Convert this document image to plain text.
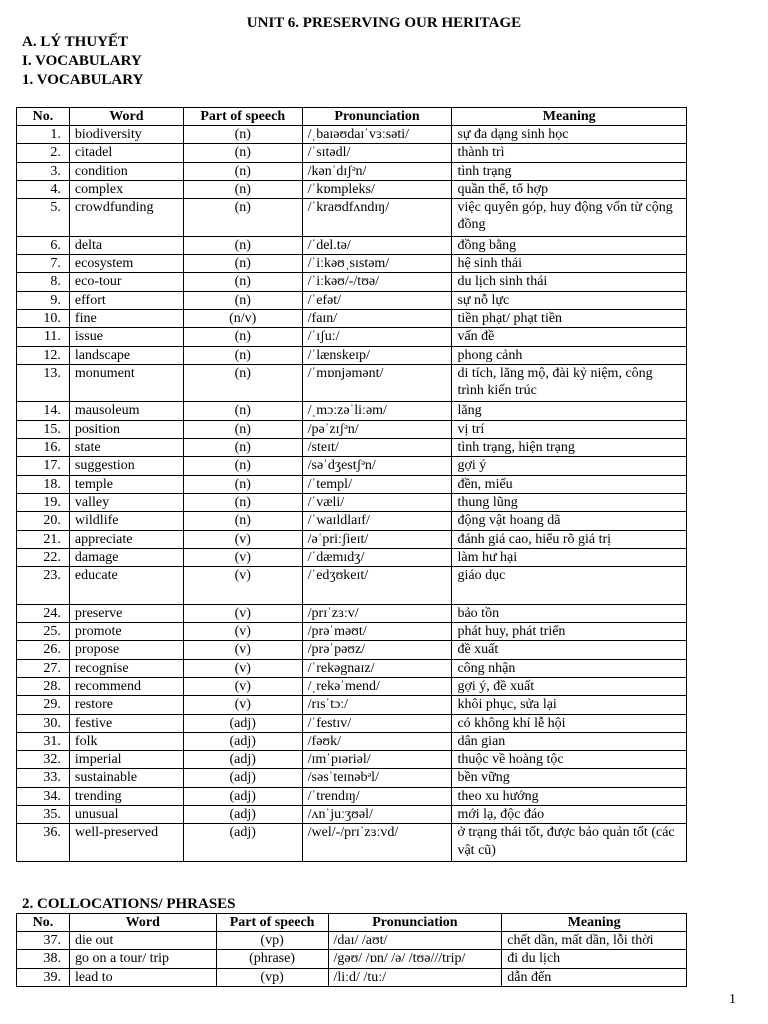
UNIT 6. PRESERVING OUR HERITAGE
A. LÝ THUYẾT
I. VOCABULARY
1. VOCABULARY
No.	Word	Part of speech	Pronunciation	Meaning
1.	biodiversity	(n)	/ˌbaɪəʊdaɪˈvɜːsəti/	sự đa dạng sinh học
2.	citadel	(n)	/ˈsɪtədl/	thành trì
3.	condition	(n)	/kənˈdɪʃᵊn/	tình trạng
4.	complex	(n)	/ˈkɒmpleks/	quần thể, tổ hợp
5.	crowdfunding	(n)	/ˈkraʊdfʌndɪŋ/	việc quyên góp, huy động vốn từ cộng đồng
6.	delta	(n)	/ˈdel.tə/	đồng bằng
7.	ecosystem	(n)	/ˈiːkəʊˌsɪstəm/	hệ sinh thái
8.	eco-tour	(n)	/ˈiːkəʊ/-/tʊə/	du lịch sinh thái
9.	effort	(n)	/ˈefət/	sự nỗ lực
10.	fine	(n/v)	/faɪn/	tiền phạt/ phạt tiền
11.	issue	(n)	/ˈɪʃuː/	vấn đề
12.	landscape	(n)	/ˈlænskeɪp/	phong cảnh
13.	monument	(n)	/ˈmɒnjəmənt/	di tích, lăng mộ, đài kỷ niệm, công trình kiến trúc
14.	mausoleum	(n)	/ˌmɔːzəˈliːəm/	lăng
15.	position	(n)	/pəˈzɪʃᵊn/	vị trí
16.	state	(n)	/steɪt/	tình trạng, hiện trạng
17.	suggestion	(n)	/səˈdʒestʃᵊn/	gợi ý
18.	temple	(n)	/ˈtempl/	đền, miếu
19.	valley	(n)	/ˈvæli/	thung lũng
20.	wildlife	(n)	/ˈwaɪldlaɪf/	động vật hoang dã
21.	appreciate	(v)	/əˈpriːʃieɪt/	đánh giá cao, hiểu rõ giá trị
22.	damage	(v)	/ˈdæmɪdʒ/	làm hư hại
23.	educate	(v)	/ˈedʒʊkeɪt/	giáo dục
24.	preserve	(v)	/prɪˈzɜːv/	bảo tồn
25.	promote	(v)	/prəˈməʊt/	phát huy, phát triển
26.	propose	(v)	/prəˈpəʊz/	đề xuất
27.	recognise	(v)	/ˈrekəgnaɪz/	công nhận
28.	recommend	(v)	/ˌrekəˈmend/	gợi ý, đề xuất
29.	restore	(v)	/rɪsˈtɔː/	khôi phục, sửa lại
30.	festive	(adj)	/ˈfestɪv/	có không khí lễ hội
31.	folk	(adj)	/fəʊk/	dân gian
32.	imperial	(adj)	/ɪmˈpɪəriəl/	thuộc về hoàng tộc
33.	sustainable	(adj)	/səsˈteɪnəbᵊl/	bền vững
34.	trending	(adj)	/ˈtrendɪŋ/	theo xu hướng
35.	unusual	(adj)	/ʌnˈjuːʒʊəl/	mới lạ, độc đáo
36.	well-preserved	(adj)	/wel/-/prɪˈzɜːvd/	ở trạng thái tốt, được bảo quản tốt (các vật cũ)
2. COLLOCATIONS/ PHRASES
No.	Word	Part of speech	Pronunciation	Meaning
37.	die out	(vp)	/daɪ/ /aʊt/	chết dần, mất dần, lỗi thời
38.	go on a tour/ trip	(phrase)	/gəʊ/ /ɒn/ /ə/ /tʊə///trip/	đi du lịch
39.	lead to	(vp)	/liːd/ /tuː/	dẫn đến
1
